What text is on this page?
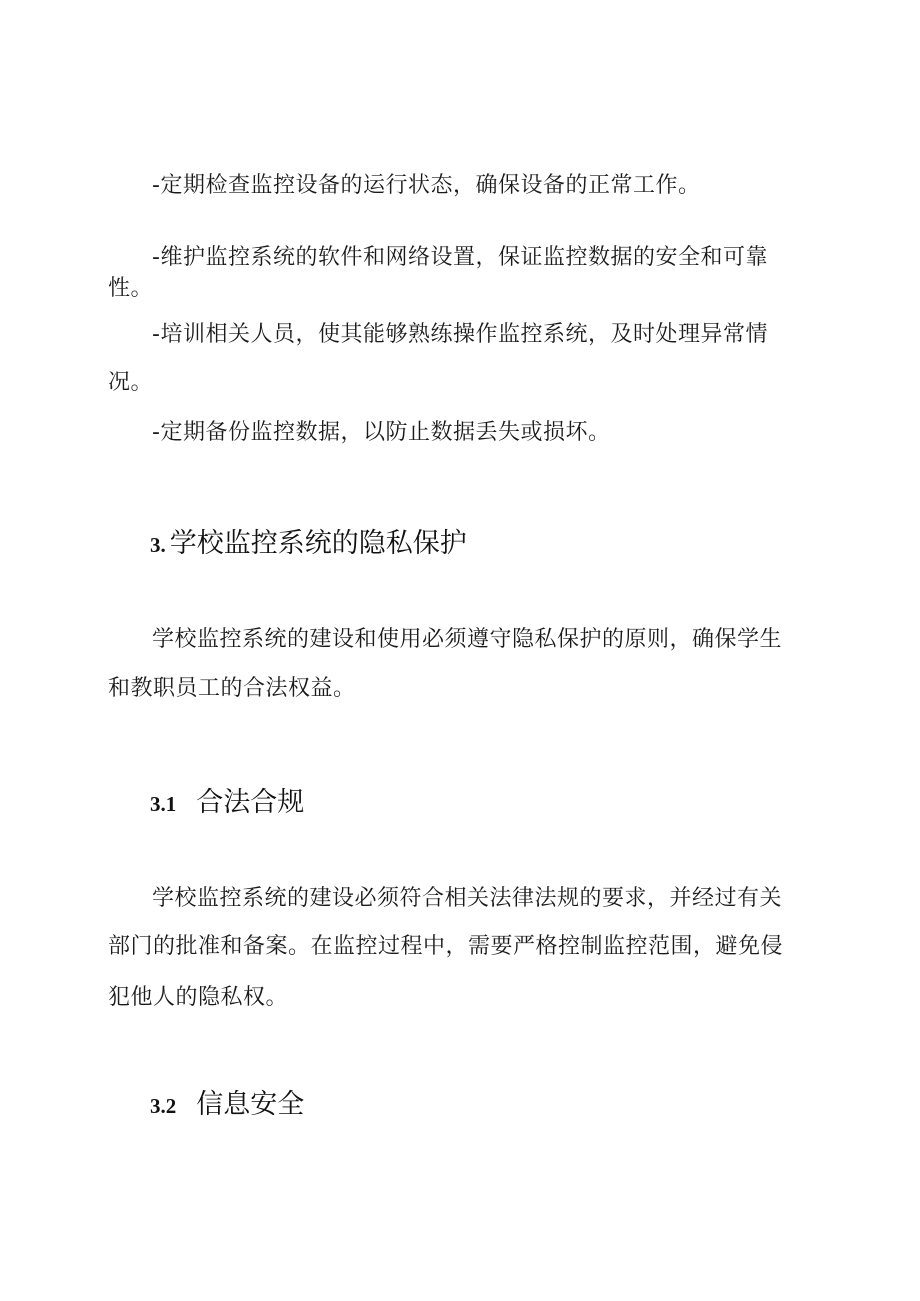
-定期检查监控设备的运行状态，确保设备的正常工作。
-维护监控系统的软件和网络设置，保证监控数据的安全和可靠
性。
-培训相关人员，使其能够熟练操作监控系统，及时处理异常情
况。
-定期备份监控数据，以防止数据丢失或损坏。
3. 学校监控系统的隐私保护
学校监控系统的建设和使用必须遵守隐私保护的原则，确保学生
和教职员工的合法权益。
3.1 合法合规
学校监控系统的建设必须符合相关法律法规的要求，并经过有关
部门的批准和备案。在监控过程中，需要严格控制监控范围，避免侵
犯他人的隐私权。
3.2 信息安全
